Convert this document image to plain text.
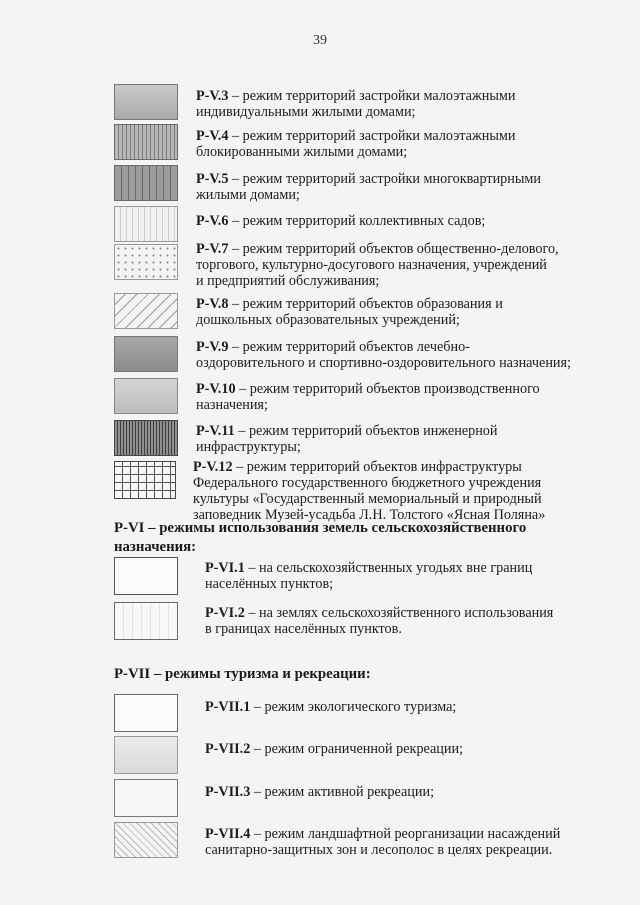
39
Р-V.3 – режим территорий застройки малоэтажными
индивидуальными жилыми домами;
Р-V.4 – режим территорий застройки малоэтажными
блокированными жилыми домами;
Р-V.5 – режим территорий застройки многоквартирными
жилыми домами;
Р-V.6 – режим территорий коллективных садов;
Р-V.7 – режим территорий объектов общественно-делового,
торгового, культурно-досугового назначения, учреждений
и предприятий обслуживания;
Р-V.8 – режим территорий объектов образования и
дошкольных образовательных учреждений;
Р-V.9 – режим территорий объектов лечебно-
оздоровительного и спортивно-оздоровительного назначения;
Р-V.10 – режим территорий объектов производственного
назначения;
Р-V.11 – режим территорий объектов инженерной
инфраструктуры;
Р-V.12 – режим территорий объектов инфраструктуры
Федерального государственного бюджетного учреждения
культуры «Государственный мемориальный и природный
заповедник Музей-усадьба Л.Н. Толстого «Ясная Поляна»
Р-VI – режимы использования земель сельскохозяйственного
назначения:
Р-VI.1 – на сельскохозяйственных угодьях вне границ
населённых пунктов;
Р-VI.2 – на землях сельскохозяйственного использования
в границах населённых пунктов.
Р-VII – режимы туризма и рекреации:
Р-VII.1 – режим экологического туризма;
Р-VII.2 – режим ограниченной рекреации;
Р-VII.3 – режим активной рекреации;
Р-VII.4 – режим ландшафтной реорганизации насаждений
санитарно-защитных зон и лесополос в целях рекреации.
